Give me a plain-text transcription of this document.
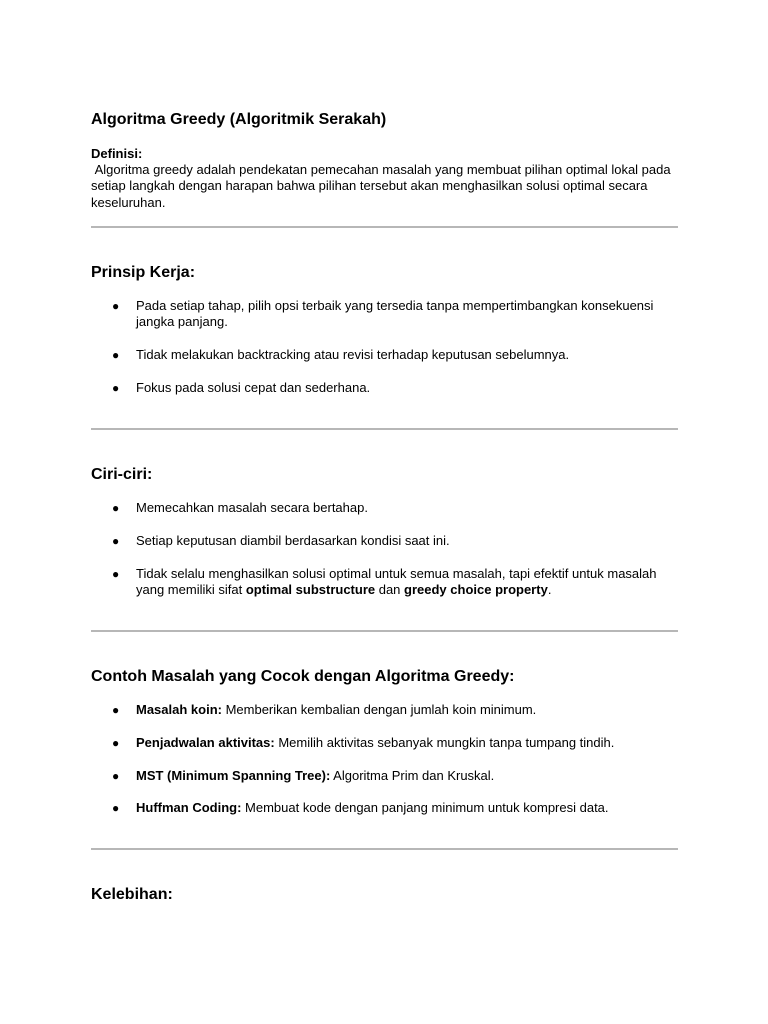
Algoritma Greedy (Algoritmik Serakah)
Definisi:
Algoritma greedy adalah pendekatan pemecahan masalah yang membuat pilihan optimal lokal pada setiap langkah dengan harapan bahwa pilihan tersebut akan menghasilkan solusi optimal secara keseluruhan.
Prinsip Kerja:
● Pada setiap tahap, pilih opsi terbaik yang tersedia tanpa mempertimbangkan konsekuensi jangka panjang.
● Tidak melakukan backtracking atau revisi terhadap keputusan sebelumnya.
● Fokus pada solusi cepat dan sederhana.
Ciri-ciri:
● Memecahkan masalah secara bertahap.
● Setiap keputusan diambil berdasarkan kondisi saat ini.
● Tidak selalu menghasilkan solusi optimal untuk semua masalah, tapi efektif untuk masalah yang memiliki sifat optimal substructure dan greedy choice property.
Contoh Masalah yang Cocok dengan Algoritma Greedy:
● Masalah koin: Memberikan kembalian dengan jumlah koin minimum.
● Penjadwalan aktivitas: Memilih aktivitas sebanyak mungkin tanpa tumpang tindih.
● MST (Minimum Spanning Tree): Algoritma Prim dan Kruskal.
● Huffman Coding: Membuat kode dengan panjang minimum untuk kompresi data.
Kelebihan:
